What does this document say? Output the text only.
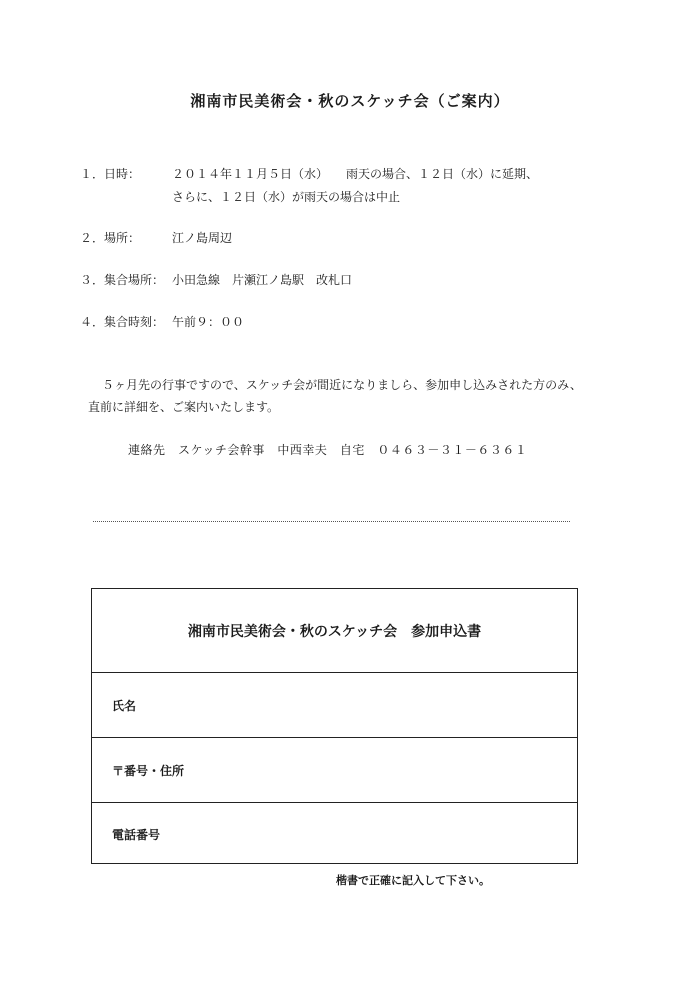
湘南市民美術会・秋のスケッチ会（ご案内）
１．日時：	２０１４年１１月５日（水）　　雨天の場合、１２日（水）に延期、
さらに、１２日（水）が雨天の場合は中止
２．場所：	江ノ島周辺
３．集合場所： 小田急線　片瀬江ノ島駅　改札口
４．集合時刻： 午前９：００
５ヶ月先の行事ですので、スケッチ会が間近になりましら、参加申し込みされた方のみ、
直前に詳細を、ご案内いたします。
連絡先　スケッチ会幹事　中西幸夫　自宅　０４６３－３１－６３６１
湘南市民美術会・秋のスケッチ会　参加申込書
氏名
〒番号・住所
電話番号
楷書で正確に記入して下さい。
